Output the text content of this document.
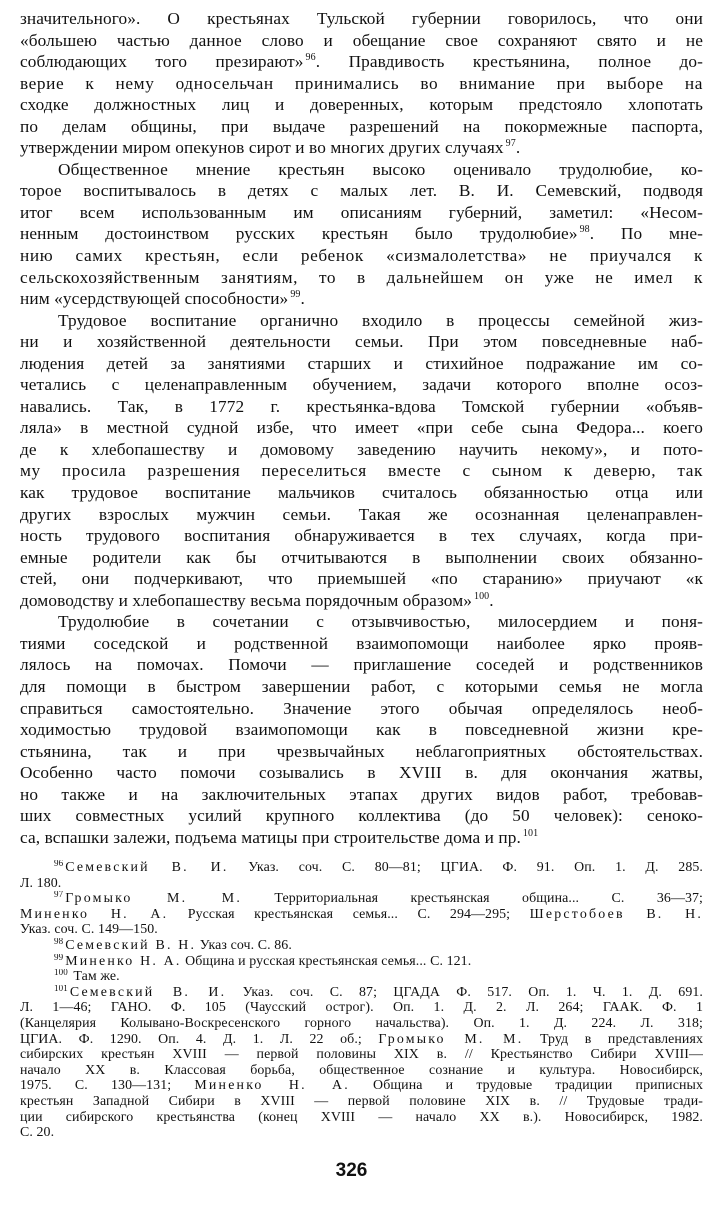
значительного». О крестьянах Тульской губернии говорилось, что они
«большею частью данное слово и обещание свое сохраняют свято и не
соблюдающих того презирают» $^{96}$. Правдивость крестьянина, полное до-
верие к нему односельчан принимались во внимание при выборе на
сходке должностных лиц и доверенных, которым предстояло хлопотать
по делам общины, при выдаче разрешений на покормежные паспорта,
утверждении миром опекунов сирот и во многих других случаях $^{97}$.
Общественное мнение крестьян высоко оценивало трудолюбие, ко-
торое воспитывалось в детях с малых лет. В. И. Семевский, подводя
итог всем использованным им описаниям губерний, заметил: «Несом-
ненным достоинством русских крестьян было трудолюбие» $^{98}$. По мне-
нию самих крестьян, если ребенок «сизмалолетства» не приучался к
сельскохозяйственным занятиям, то в дальнейшем он уже не имел к
ним «усердствующей способности» $^{99}$.
Трудовое воспитание органично входило в процессы семейной жиз-
ни и хозяйственной деятельности семьи. При этом повседневные наб-
людения детей за занятиями старших и стихийное подражание им со-
четались с целенаправленным обучением, задачи которого вполне осоз-
навались. Так, в 1772 г. крестьянка-вдова Томской губернии «объяв-
ляла» в местной судной избе, что имеет «при себе сына Федора... коего
де к хлебопашеству и домовому заведению научить некому», и пото-
му просила разрешения переселиться вместе с сыном к деверю, так
как трудовое воспитание мальчиков считалось обязанностью отца или
других взрослых мужчин семьи. Такая же осознанная целенаправлен-
ность трудового воспитания обнаруживается в тех случаях, когда при-
емные родители как бы отчитываются в выполнении своих обязанно-
стей, они подчеркивают, что приемышей «по старанию» приучают «к
домоводству и хлебопашеству весьма порядочным образом» $^{100}$.
Трудолюбие в сочетании с отзывчивостью, милосердием и поня-
тиями соседской и родственной взаимопомощи наиболее ярко прояв-
лялось на помочах. Помочи — приглашение соседей и родственников
для помощи в быстром завершении работ, с которыми семья не могла
справиться самостоятельно. Значение этого обычая определялось необ-
ходимостью трудовой взаимопомощи как в повседневной жизни кре-
стьянина, так и при чрезвычайных неблагоприятных обстоятельствах.
Особенно часто помочи созывались в XVIII в. для окончания жатвы,
но также и на заключительных этапах других видов работ, требовав-
ших совместных усилий крупного коллектива (до 50 человек): сеноко-
са, вспашки залежи, подъема матицы при строительстве дома и пр. $^{101}$
$^{96}$ Семевский В. И. Указ. соч. С. 80—81; ЦГИА. Ф. 91. Оп. 1. Д. 285.
Л. 180.
$^{97}$ Громыко М. М. Территориальная крестьянская община... С. 36—37;
Миненко Н. А. Русская крестьянская семья... С. 294—295; Шерстобоев В. Н.
Указ. соч. С. 149—150.
$^{98}$ Семевский В. Н. Указ соч. С. 86.
$^{99}$ Миненко Н. А. Община и русская крестьянская семья... С. 121.
$^{100}$ Там же.
$^{101}$ Семевский В. И. Указ. соч. С. 87; ЦГАДА Ф. 517. Оп. 1. Ч. 1. Д. 691.
Л. 1—46; ГАНО. Ф. 105 (Чаусский острог). Оп. 1. Д. 2. Л. 264; ГААК. Ф. 1
(Канцелярия Колывано-Воскресенского горного начальства). Оп. 1. Д. 224. Л. 318;
ЦГИА. Ф. 1290. Оп. 4. Д. 1. Л. 22 об.; Громыко М. М. Труд в представлениях
сибирских крестьян XVIII — первой половины XIX в. // Крестьянство Сибири XVIII—
начало XX в. Классовая борьба, общественное сознание и культура. Новосибирск,
1975. С. 130—131; Миненко Н. А. Община и трудовые традиции приписных
крестьян Западной Сибири в XVIII — первой половине XIX в. // Трудовые тради-
ции сибирского крестьянства (конец XVIII — начало XX в.). Новосибирск, 1982.
С. 20.
326
